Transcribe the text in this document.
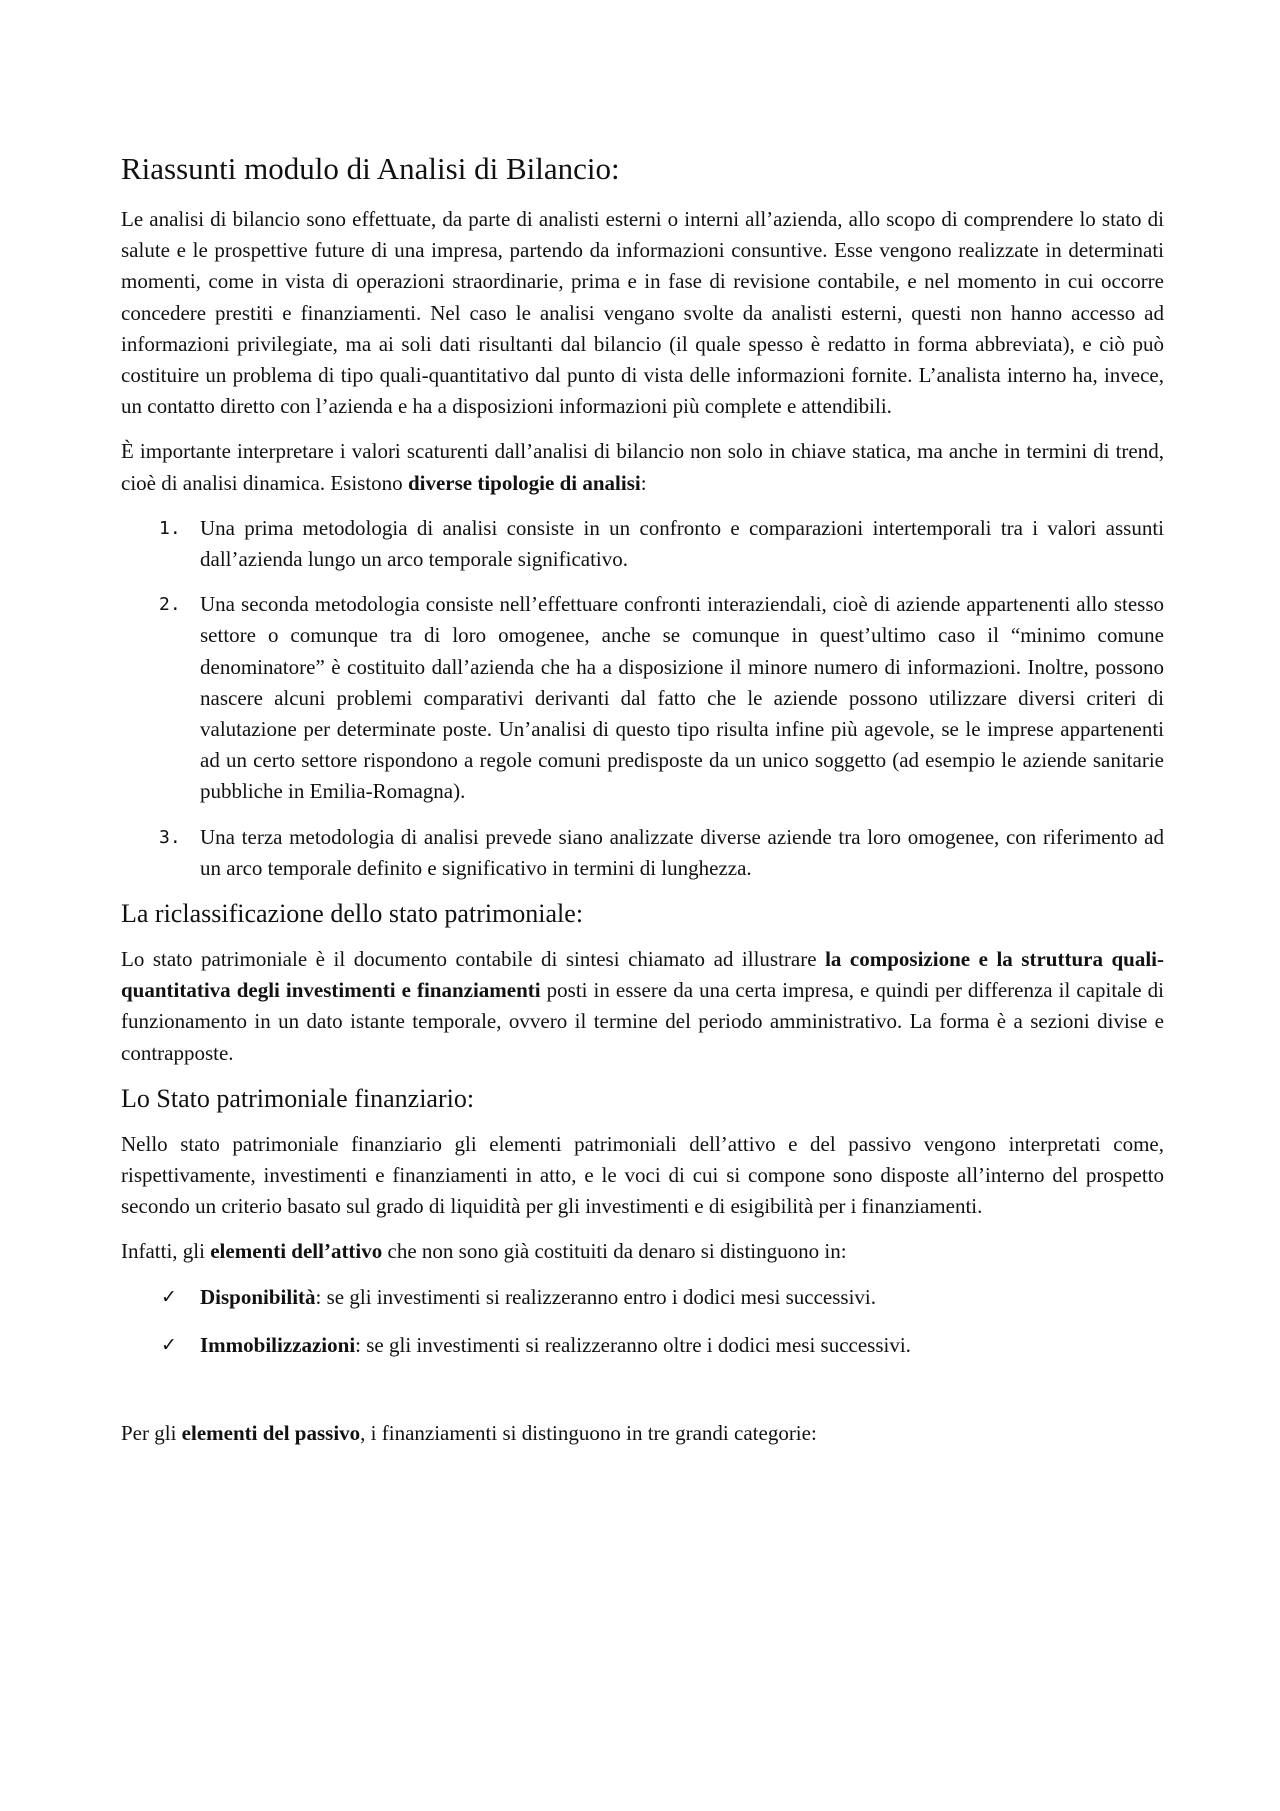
Riassunti modulo di Analisi di Bilancio:

Le analisi di bilancio sono effettuate, da parte di analisti esterni o interni all’azienda, allo scopo di comprendere lo stato di salute e le prospettive future di una impresa, partendo da informazioni consuntive. Esse vengono realizzate in determinati momenti, come in vista di operazioni straordinarie, prima e in fase di revisione contabile, e nel momento in cui occorre concedere prestiti e finanziamenti. Nel caso le analisi vengano svolte da analisti esterni, questi non hanno accesso ad informazioni privilegiate, ma ai soli dati risultanti dal bilancio (il quale spesso è redatto in forma abbreviata), e ciò può costituire un problema di tipo quali-quantitativo dal punto di vista delle informazioni fornite. L’analista interno ha, invece, un contatto diretto con l’azienda e ha a disposizioni informazioni più complete e attendibili.

È importante interpretare i valori scaturenti dall’analisi di bilancio non solo in chiave statica, ma anche in termini di trend, cioè di analisi dinamica. Esistono diverse tipologie di analisi:

1. Una prima metodologia di analisi consiste in un confronto e comparazioni intertemporali tra i valori assunti dall’azienda lungo un arco temporale significativo.
2. Una seconda metodologia consiste nell’effettuare confronti interaziendali, cioè di aziende appartenenti allo stesso settore o comunque tra di loro omogenee, anche se comunque in quest’ultimo caso il “minimo comune denominatore” è costituito dall’azienda che ha a disposizione il minore numero di informazioni. Inoltre, possono nascere alcuni problemi comparativi derivanti dal fatto che le aziende possono utilizzare diversi criteri di valutazione per determinate poste. Un’analisi di questo tipo risulta infine più agevole, se le imprese appartenenti ad un certo settore rispondono a regole comuni predisposte da un unico soggetto (ad esempio le aziende sanitarie pubbliche in Emilia-Romagna).
3. Una terza metodologia di analisi prevede siano analizzate diverse aziende tra loro omogenee, con riferimento ad un arco temporale definito e significativo in termini di lunghezza.
La riclassificazione dello stato patrimoniale:

Lo stato patrimoniale è il documento contabile di sintesi chiamato ad illustrare la composizione e la struttura quali-quantitativa degli investimenti e finanziamenti posti in essere da una certa impresa, e quindi per differenza il capitale di funzionamento in un dato istante temporale, ovvero il termine del periodo amministrativo. La forma è a sezioni divise e contrapposte.

Lo Stato patrimoniale finanziario:

Nello stato patrimoniale finanziario gli elementi patrimoniali dell’attivo e del passivo vengono interpretati come, rispettivamente, investimenti e finanziamenti in atto, e le voci di cui si compone sono disposte all’interno del prospetto secondo un criterio basato sul grado di liquidità per gli investimenti e di esigibilità per i finanziamenti.

Infatti, gli elementi dell’attivo che non sono già costituiti da denaro si distinguono in:

✓ Disponibilità: se gli investimenti si realizzeranno entro i dodici mesi successivi.
✓ Immobilizzazioni: se gli investimenti si realizzeranno oltre i dodici mesi successivi.

Per gli elementi del passivo, i finanziamenti si distinguono in tre grandi categorie:
